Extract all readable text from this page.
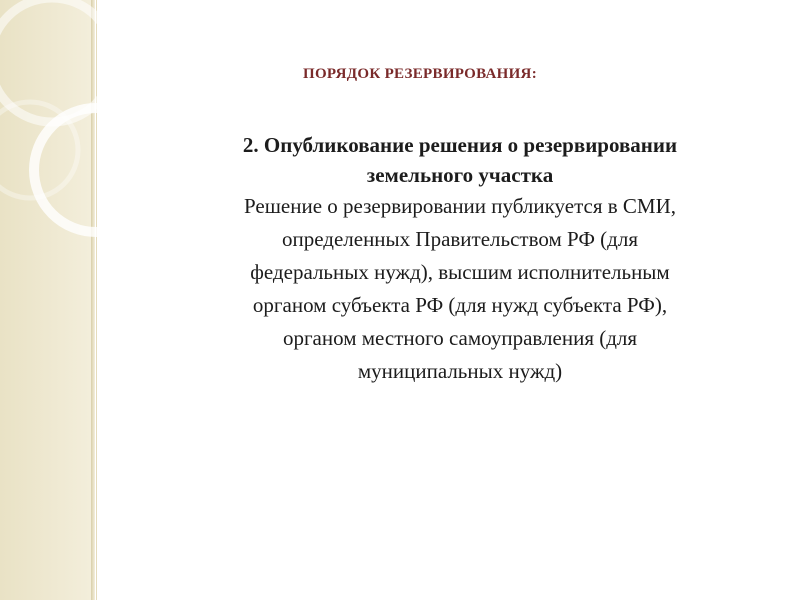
ПОРЯДОК РЕЗЕРВИРОВАНИЯ:

2. Опубликование решения о резервировании
земельного участка

Решение о резервировании публикуется в СМИ,
определенных Правительством РФ (для
федеральных нужд), высшим исполнительным
органом субъекта РФ (для нужд субъекта РФ),
органом местного самоуправления (для
муниципальных нужд)
